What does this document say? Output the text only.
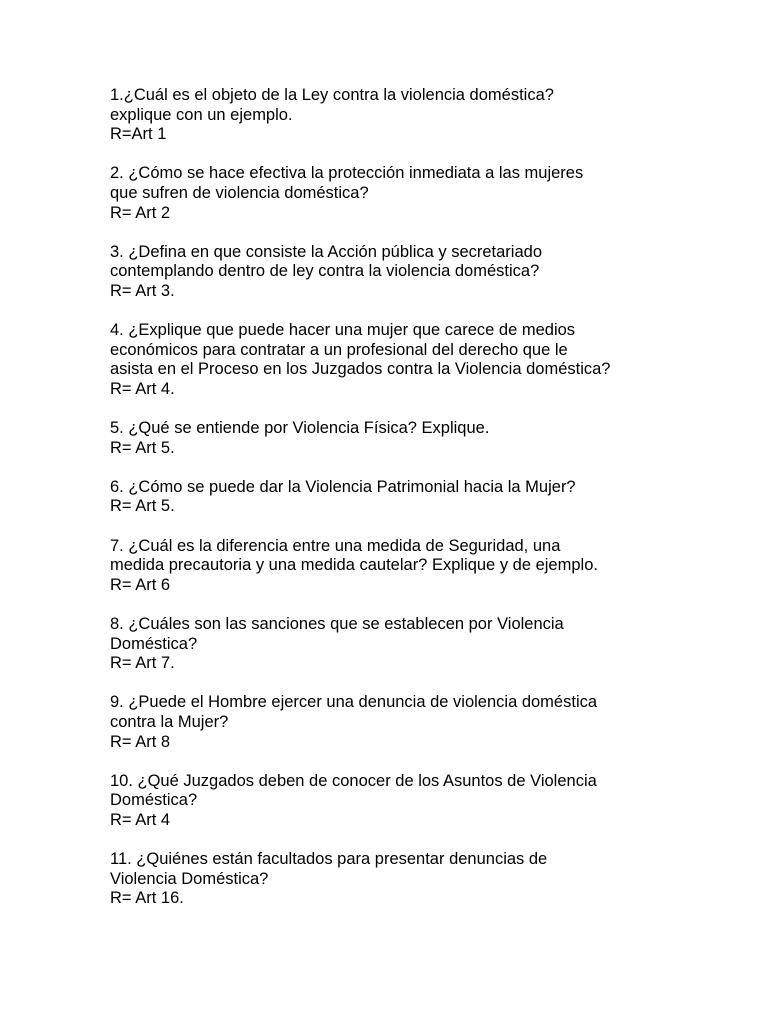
1.¿Cuál es el objeto de la Ley contra la violencia doméstica?
explique con un ejemplo.
R=Art 1
2. ¿Cómo se hace efectiva la protección inmediata a las mujeres
que sufren de violencia doméstica?
R= Art 2
3. ¿Defina en que consiste la Acción pública y secretariado
contemplando dentro de ley contra la violencia doméstica?
R= Art 3.
4. ¿Explique que puede hacer una mujer que carece de medios
económicos para contratar a un profesional del derecho que le
asista en el Proceso en los Juzgados contra la Violencia doméstica?
R= Art 4.
5. ¿Qué se entiende por Violencia Física? Explique.
R= Art 5.
6. ¿Cómo se puede dar la Violencia Patrimonial hacia la Mujer?
R= Art 5.
7. ¿Cuál es la diferencia entre una medida de Seguridad, una
medida precautoria y una medida cautelar? Explique y de ejemplo.
R= Art 6
8. ¿Cuáles son las sanciones que se establecen por Violencia
Doméstica?
R= Art 7.
9. ¿Puede el Hombre ejercer una denuncia de violencia doméstica
contra la Mujer?
R= Art 8
10. ¿Qué Juzgados deben de conocer de los Asuntos de Violencia
Doméstica?
R= Art 4
11. ¿Quiénes están facultados para presentar denuncias de
Violencia Doméstica?
R= Art 16.
